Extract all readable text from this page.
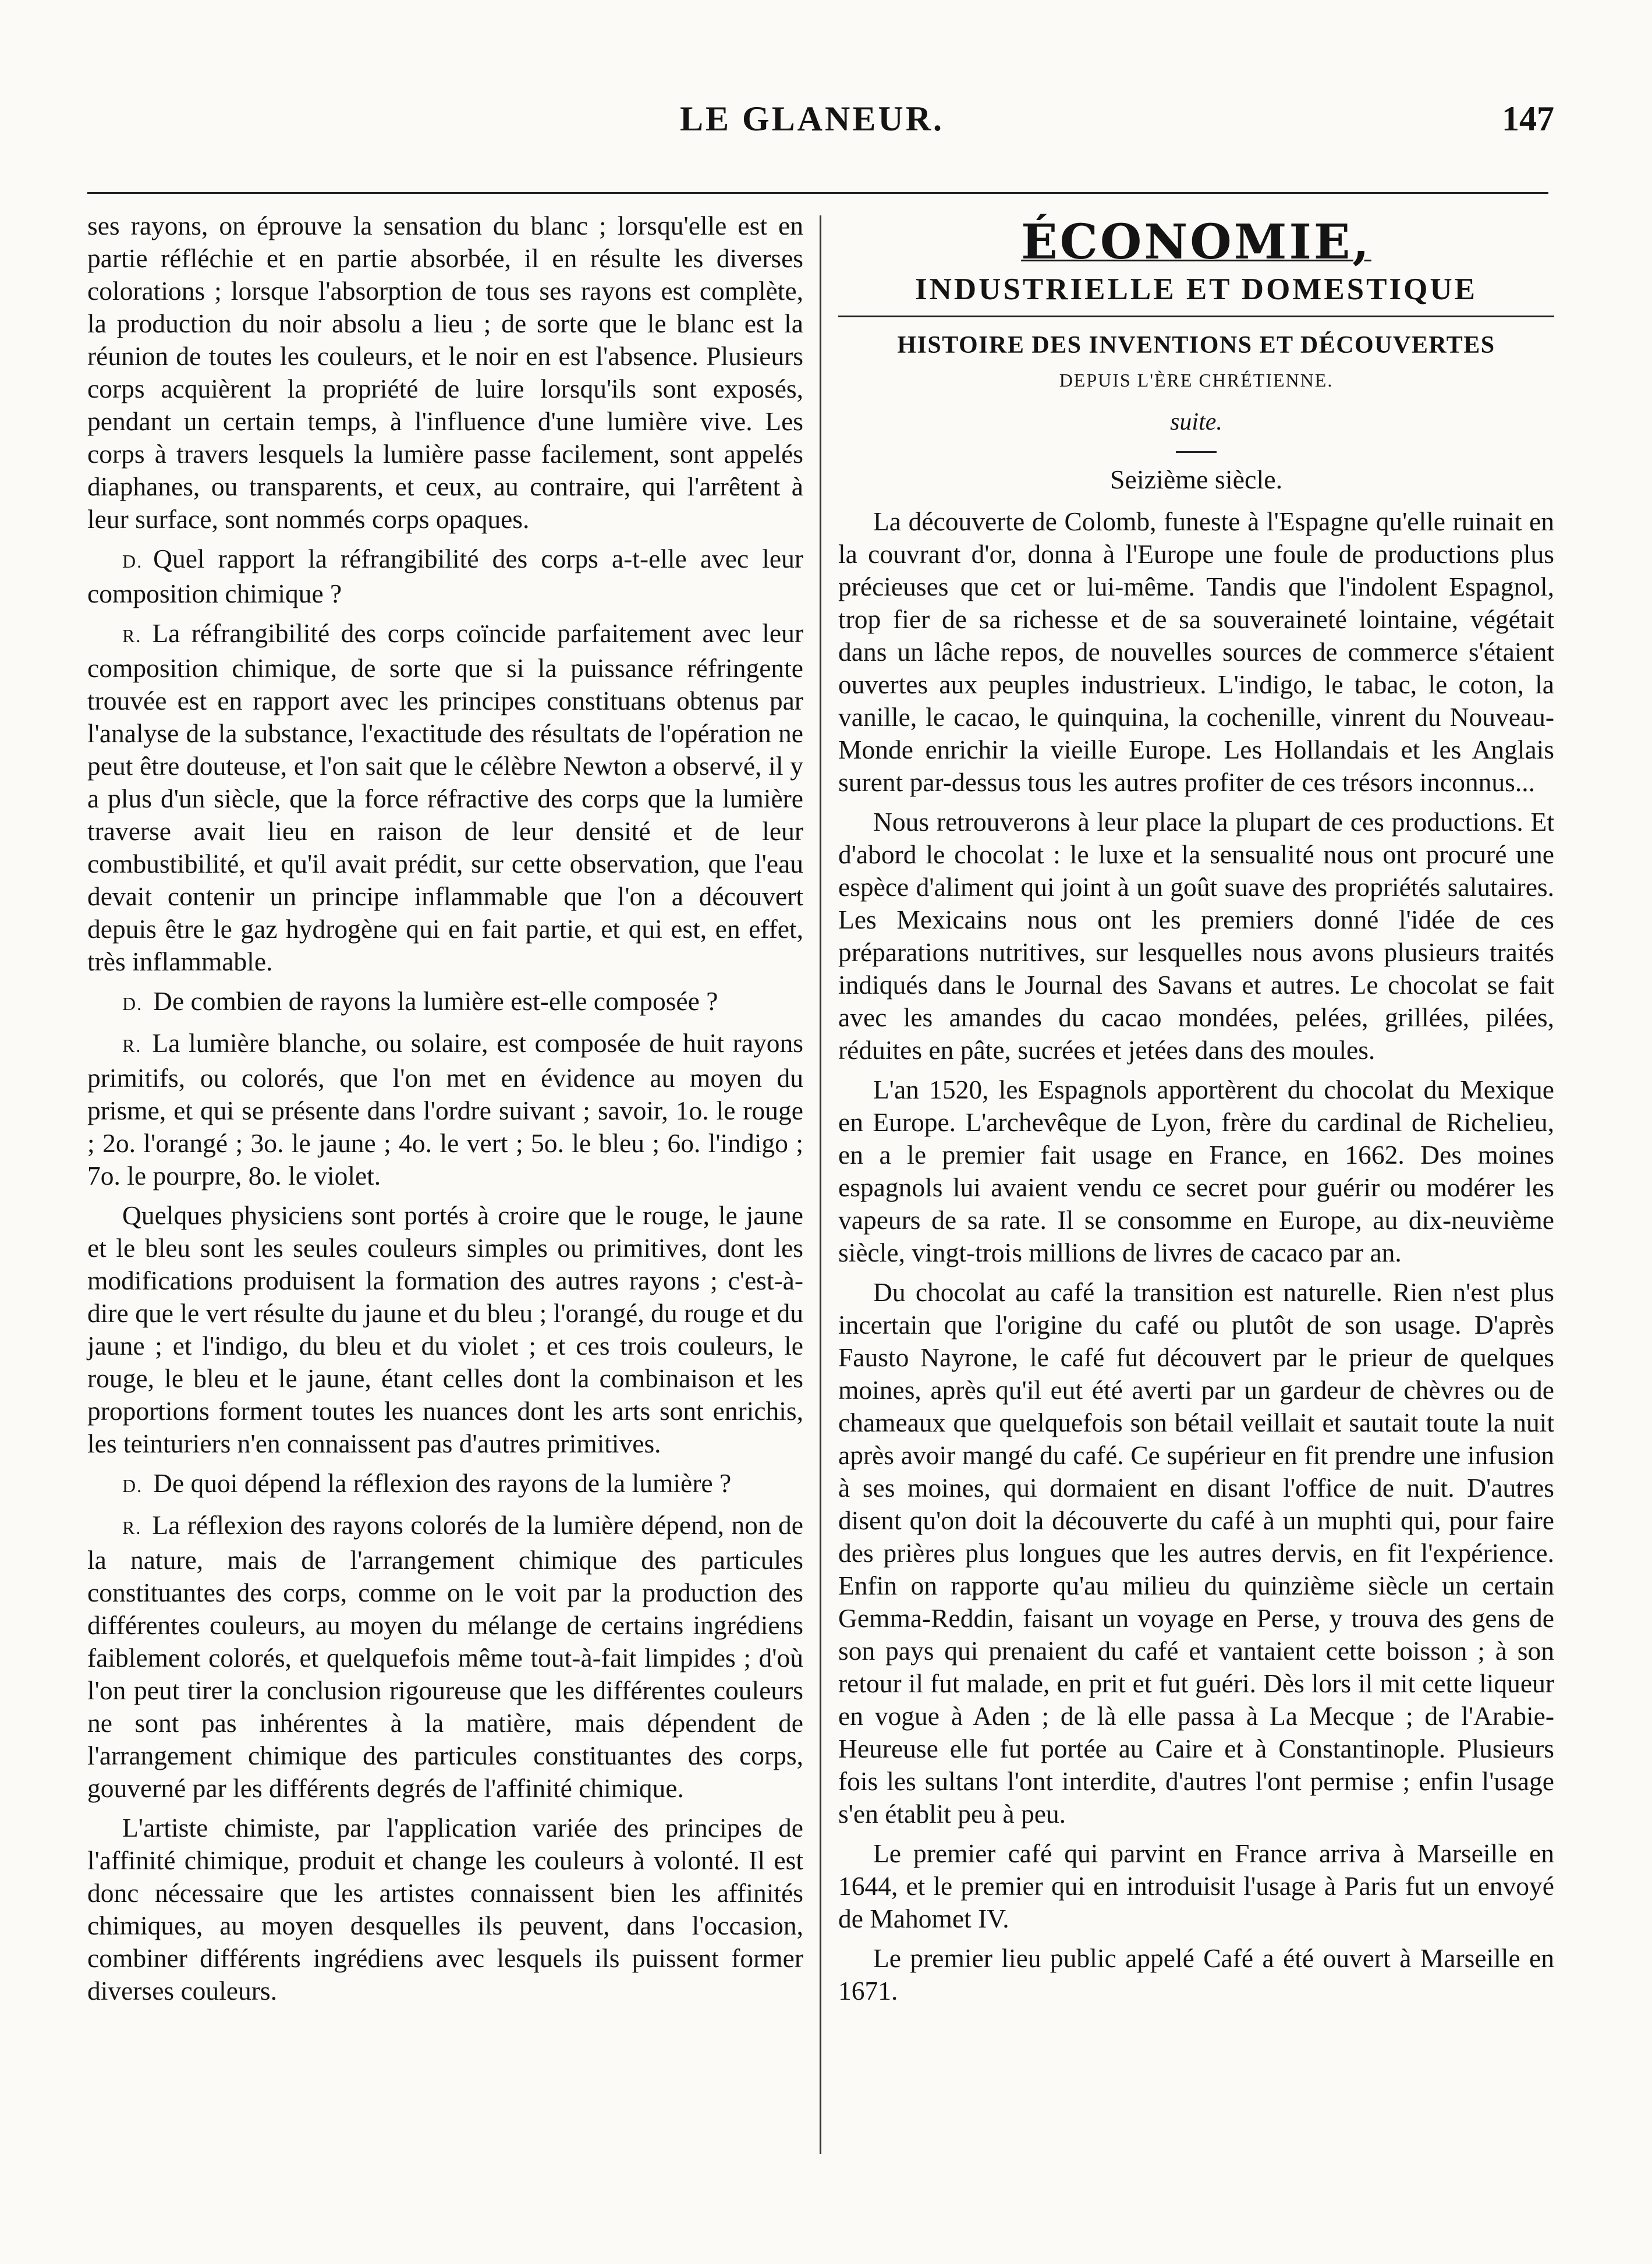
LE GLANEUR.	147

ses rayons, on éprouve la sensation du blanc ; lorsqu'elle est en partie réfléchie et en partie absorbée, il en résulte les diverses colorations ; lorsque l'absorption de tous ses rayons est complète, la production du noir absolu a lieu ; de sorte que le blanc est la réunion de toutes les couleurs, et le noir en est l'absence. Plusieurs corps acquièrent la propriété de luire lorsqu'ils sont exposés, pendant un certain temps, à l'influence d'une lumière vive. Les corps à travers lesquels la lumière passe facilement, sont appelés diaphanes, ou transparents, et ceux, au contraire, qui l'arrêtent à leur surface, sont nommés corps opaques.

D. Quel rapport la réfrangibilité des corps a-t-elle avec leur composition chimique ?

R. La réfrangibilité des corps coïncide parfaitement avec leur composition chimique, de sorte que si la puissance réfringente trouvée est en rapport avec les principes constituans obtenus par l'analyse de la substance, l'exactitude des résultats de l'opération ne peut être douteuse, et l'on sait que le célèbre Newton a observé, il y a plus d'un siècle, que la force réfractive des corps que la lumière traverse avait lieu en raison de leur densité et de leur combustibilité, et qu'il avait prédit, sur cette observation, que l'eau devait contenir un principe inflammable que l'on a découvert depuis être le gaz hydrogène qui en fait partie, et qui est, en effet, très inflammable.

D. De combien de rayons la lumière est-elle composée ?

R. La lumière blanche, ou solaire, est composée de huit rayons primitifs, ou colorés, que l'on met en évidence au moyen du prisme, et qui se présente dans l'ordre suivant ; savoir, 1o. le rouge ; 2o. l'orangé ; 3o. le jaune ; 4o. le vert ; 5o. le bleu ; 6o. l'indigo ; 7o. le pourpre, 8o. le violet.

Quelques physiciens sont portés à croire que le rouge, le jaune et le bleu sont les seules couleurs simples ou primitives, dont les modifications produisent la formation des autres rayons ; c'est-à-dire que le vert résulte du jaune et du bleu ; l'orangé, du rouge et du jaune ; et l'indigo, du bleu et du violet ; et ces trois couleurs, le rouge, le bleu et le jaune, étant celles dont la combinaison et les proportions forment toutes les nuances dont les arts sont enrichis, les teinturiers n'en connaissent pas d'autres primitives.

D. De quoi dépend la réflexion des rayons de la lumière ?

R. La réflexion des rayons colorés de la lumière dépend, non de la nature, mais de l'arrangement chimique des particules constituantes des corps, comme on le voit par la production des différentes couleurs, au moyen du mélange de certains ingrédiens faiblement colorés, et quelquefois même tout-à-fait limpides ; d'où l'on peut tirer la conclusion rigoureuse que les différentes couleurs ne sont pas inhérentes à la matière, mais dépendent de l'arrangement chimique des particules constituantes des corps, gouverné par les différents degrés de l'affinité chimique.

L'artiste chimiste, par l'application variée des principes de l'affinité chimique, produit et change les couleurs à volonté. Il est donc nécessaire que les artistes connaissent bien les affinités chimiques, au moyen desquelles ils peuvent, dans l'occasion, combiner différents ingrédiens avec lesquels ils puissent former diverses couleurs.

ÉCONOMIE,
INDUSTRIELLE ET DOMESTIQUE
HISTOIRE DES INVENTIONS ET DÉCOUVERTES
DEPUIS L'ÈRE CHRÉTIENNE.
suite.
Seizième siècle.

La découverte de Colomb, funeste à l'Espagne qu'elle ruinait en la couvrant d'or, donna à l'Europe une foule de productions plus précieuses que cet or lui-même. Tandis que l'indolent Espagnol, trop fier de sa richesse et de sa souveraineté lointaine, végétait dans un lâche repos, de nouvelles sources de commerce s'étaient ouvertes aux peuples industrieux. L'indigo, le tabac, le coton, la vanille, le cacao, le quinquina, la cochenille, vinrent du Nouveau-Monde enrichir la vieille Europe. Les Hollandais et les Anglais surent par-dessus tous les autres profiter de ces trésors inconnus...

Nous retrouverons à leur place la plupart de ces productions. Et d'abord le chocolat : le luxe et la sensualité nous ont procuré une espèce d'aliment qui joint à un goût suave des propriétés salutaires. Les Mexicains nous ont les premiers donné l'idée de ces préparations nutritives, sur lesquelles nous avons plusieurs traités indiqués dans le Journal des Savans et autres. Le chocolat se fait avec les amandes du cacao mondées, pelées, grillées, pilées, réduites en pâte, sucrées et jetées dans des moules.

L'an 1520, les Espagnols apportèrent du chocolat du Mexique en Europe. L'archevêque de Lyon, frère du cardinal de Richelieu, en a le premier fait usage en France, en 1662. Des moines espagnols lui avaient vendu ce secret pour guérir ou modérer les vapeurs de sa rate. Il se consomme en Europe, au dix-neuvième siècle, vingt-trois millions de livres de cacaco par an.

Du chocolat au café la transition est naturelle. Rien n'est plus incertain que l'origine du café ou plutôt de son usage. D'après Fausto Nayrone, le café fut découvert par le prieur de quelques moines, après qu'il eut été averti par un gardeur de chèvres ou de chameaux que quelquefois son bétail veillait et sautait toute la nuit après avoir mangé du café. Ce supérieur en fit prendre une infusion à ses moines, qui dormaient en disant l'office de nuit. D'autres disent qu'on doit la découverte du café à un muphti qui, pour faire des prières plus longues que les autres dervis, en fit l'expérience. Enfin on rapporte qu'au milieu du quinzième siècle un certain Gemma-Reddin, faisant un voyage en Perse, y trouva des gens de son pays qui prenaient du café et vantaient cette boisson ; à son retour il fut malade, en prit et fut guéri. Dès lors il mit cette liqueur en vogue à Aden ; de là elle passa à La Mecque ; de l'Arabie-Heureuse elle fut portée au Caire et à Constantinople. Plusieurs fois les sultans l'ont interdite, d'autres l'ont permise ; enfin l'usage s'en établit peu à peu.

Le premier café qui parvint en France arriva à Marseille en 1644, et le premier qui en introduisit l'usage à Paris fut un envoyé de Mahomet IV.

Le premier lieu public appelé Café a été ouvert à Marseille en 1671.
